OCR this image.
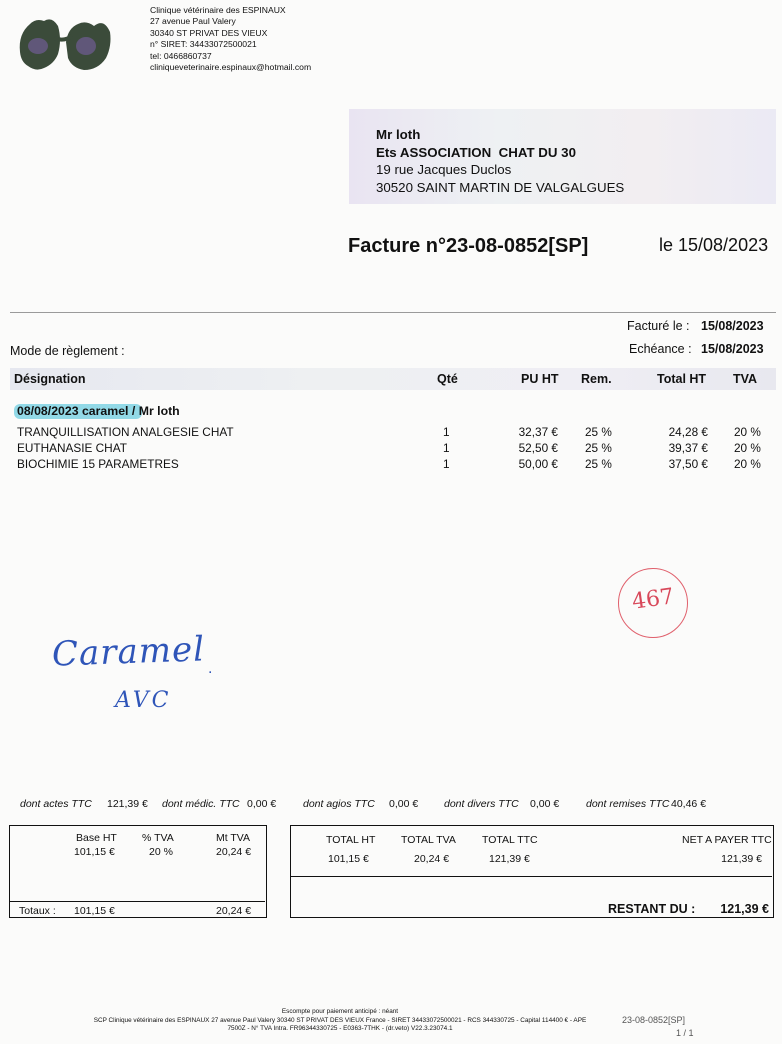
Clinique vétérinaire des ESPINAUX
27 avenue Paul Valery
30340 ST PRIVAT DES VIEUX
n° SIRET: 34433072500021
tel: 0466860737
cliniqueveterinaire.espinaux@hotmail.com
Mr loth
Ets ASSOCIATION  CHAT DU 30
19 rue Jacques Duclos
30520 SAINT MARTIN DE VALGALGUES
Facture n°23-08-0852[SP]	le 15/08/2023
Facturé le : 15/08/2023
Echéance : 15/08/2023
Mode de règlement :
Désignation	Qté	PU HT Rem.	Total HT TVA
08/08/2023 caramel / Mr loth
TRANQUILLISATION ANALGESIE CHAT	1	32,37 € 25 %	24,28 € 20 %
EUTHANASIE CHAT	1	52,50 € 25 %	39,37 € 20 %
BIOCHIMIE 15 PARAMETRES	1	50,00 € 25 %	37,50 € 20 %
467
Caramel .
AVC
dont actes TTC 121,39 € dont médic. TTC 0,00 €	dont agios TTC 0,00 € dont divers TTC 0,00 €	dont remises TTC 40,46 €
Base HT % TVA	Mt TVA
101,15 €	20 %	20,24 €
Totaux : 101,15 €	20,24 €
TOTAL HT TOTAL TVA TOTAL TTC	NET A PAYER TTC
101,15 €	20,24 €	121,39 €	121,39 €
RESTANT DU :	121,39 €
Escompte pour paiement anticipé : néant
SCP Clinique vétérinaire des ESPINAUX 27 avenue Paul Valery 30340 ST PRIVAT DES VIEUX France - SIRET 34433072500021 - RCS 344330725 - Capital 114400 € - APE
7500Z - N° TVA Intra. FR96344330725 - E0363-7THK - (dr.veto) V22.3.23074.1
23-08-0852[SP]
1 / 1
